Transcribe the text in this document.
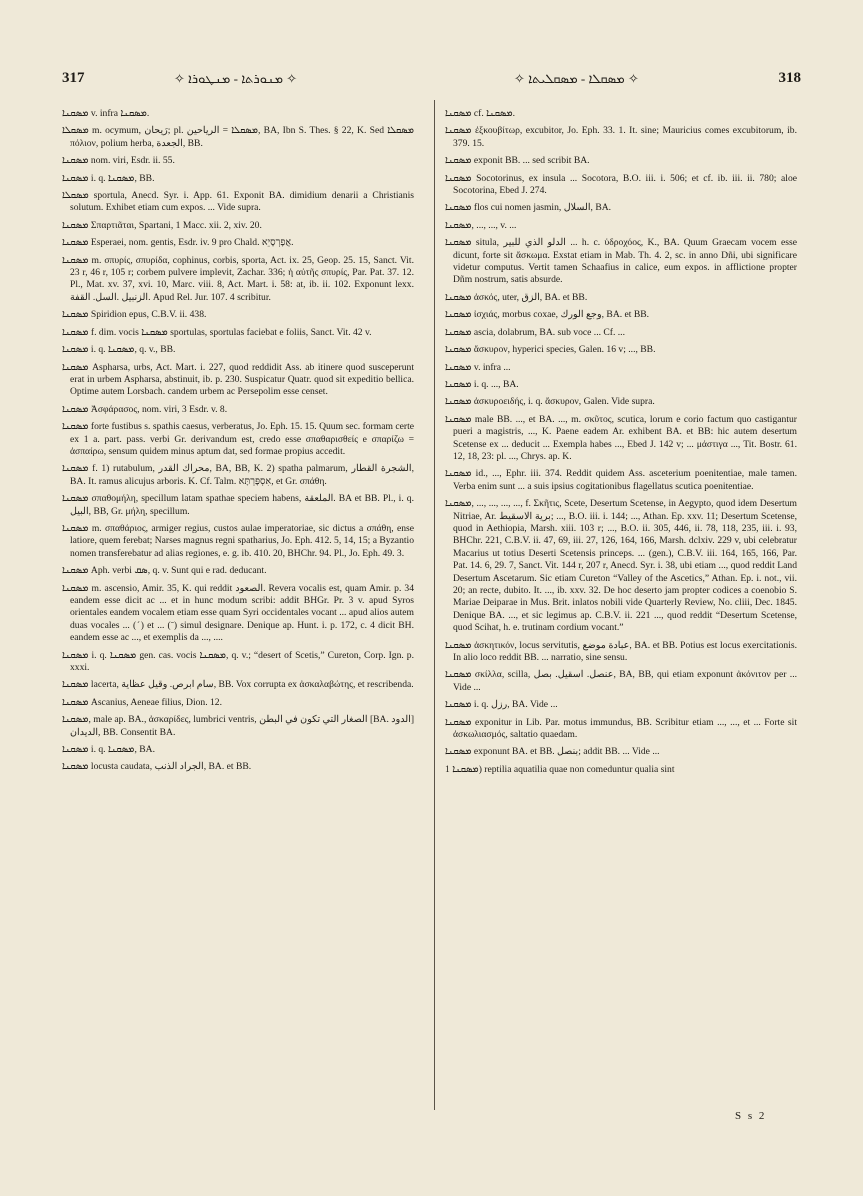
317	✧ ܡܢܘܪܬܐ - ܡܢܛܘܪܐ ✧	✧ ܡܣܩܠܐ - ܡܣܩܠܝܬܐ ✧	318

ܡܣܩܢܐ v. infra ܡܣܩܢܐ.

ܡܣܩܠܐ m. ocymum, رَيحان; pl. ܡܣܩܠܐ = الرياحين, BA, Ibn S. Thes. § 22, K. Sed ܡܣܩܠܐ πόλιον, polium herba, الجعدة, BB.

ܡܣܩܢܐ nom. viri, Esdr. ii. 55.

ܡܣܩܢܐ i. q. ܡܣܩܢܐ, BB.

ܡܣܩܠܐ sportula, Anecd. Syr. i. App. 61. Exponit BA. dimidium denarii a Christianis solutum. Exhibet etiam cum expos. ... Vide supra.

ܡܣܩܢܐ Σπαρτιᾶται, Spartani, 1 Macc. xii. 2, xiv. 20.

ܡܣܩܢܐ Esperaei, nom. gentis, Esdr. iv. 9 pro Chald. אֲפָרְסָיֵא.

ܡܣܩܢܐ m. σπυρίς, σπυρίδα, cophinus, corbis, sporta, Act. ix. 25, Geop. 25. 15, Sanct. Vit. 23 r, 46 r, 105 r; corbem pulvere implevit, Zachar. 336; ἡ αὐτῆς σπυρίς, Par. Pat. 37. 12. Pl., Mat. xv. 37, xvi. 10, Marc. viii. 8, Act. Mart. i. 58: at, ib. ii. 102. Exponunt lexx. الزنبيل .السل. القفة. Apud Rel. Jur. 107. 4 scribitur.

ܡܣܩܢܐ Spiridion epus, C.B.V. ii. 438.

ܡܣܩܢܐ f. dim. vocis ܡܣܩܢܐ sportulas, sportulas faciebat e foliis, Sanct. Vit. 42 v.

ܡܣܩܢܐ i. q. ܡܣܩܢܐ, q. v., BB.

ܡܣܩܢܐ Aspharsa, urbs, Act. Mart. i. 227, quod reddidit Ass. ab itinere quod susceperunt erat in urbem Aspharsa, abstinuit, ib. p. 230. Suspicatur Quatr. quod sit expeditio bellica. Optime autem Lorsbach. candem urbem ac Persepolim esse censet.

ܡܣܩܢܐ Ἀσφάρασος, nom. viri, 3 Esdr. v. 8.

ܡܣܩܢܐ forte fustibus s. spathis caesus, verberatus, Jo. Eph. 15. 15. Quum sec. formam certe ex 1 a. part. pass. verbi Gr. derivandum est, credo esse σπαθαρισθείς e σπαρίζω = ἀσπαίρω, sensum quidem minus aptum dat, sed formae propius accedit.

ܡܣܩܢܐ f. 1) rutabulum, محراك القدر, BA, BB, K. 2) spatha palmarum, الشجرة القطار, BA. It. ramus alicujus arboris. K. Cf. Talm. אִסְפָּרְתָּא, et Gr. σπάθη.

ܡܣܩܢܐ σπαθομήλη, specillum latam spathae speciem habens, الملعقة. BA et BB. Pl., i. q. البيل, BB, Gr. μήλη, specillum.

ܡܣܩܢܐ m. σπαθάριος, armiger regius, custos aulae imperatoriae, sic dictus a σπάθη, ense latiore, quem ferebat; Narses magnus regni spatharius, Jo. Eph. 412. 5, 14, 15; a Byzantio nomen transferebatur ad alias regiones, e. g. ib. 410. 20, BHChr. 94. Pl., Jo. Eph. 49. 3.

ܡܣܩܢܐ Aph. verbi ܣܩ, q. v. Sunt qui e rad. deducant.

ܡܣܩܢܐ m. ascensio, Amir. 35, K. qui reddit الصعود. Revera vocalis est, quam Amir. p. 34 eandem esse dicit ac ... et in hunc modum scribi: addit BHGr. Pr. 3 v. apud Syros orientales eandem vocalem etiam esse quam Syri occidentales vocant ... apud alios autem duas vocales ... (ˊ) et ... (ˉ) simul designare. Denique ap. Hunt. i. p. 172, c. 4 dicit BH. eandem esse ac ..., et exemplis da ..., ....

ܡܣܩܢܐ i. q. ܡܣܩܢܐ gen. cas. vocis ܡܣܩܢܐ, q. v.; “desert of Scetis,” Cureton, Corp. Ign. p. xxxi.

ܡܣܩܢܐ lacerta, سام ابرص. وقيل عظاية, BB. Vox corrupta ex ἀσκαλαβώτης, et rescribenda.

ܡܣܩܢܐ Ascanius, Aeneae filius, Dion. 12.

ܡܣܩܢܐ, male ap. BA., ἀσκαρίδες, lumbrici ventris, الصغار التي تكون في البطن [BA. الدود] الديدان, BB. Consentit BA.

ܡܣܩܢܐ i. q. ܡܣܩܢܐ, BA.

ܡܣܩܢܐ locusta caudata, الجراد الذنب, BA. et BB.

ܡܣܩܢܐ cf. ܡܣܩܢܐ.

ܡܣܩܢܐ ἐξκουβίτωρ, excubitor, Jo. Eph. 33. 1. It. sine; Mauricius comes excubitorum, ib. 379. 15.

ܡܣܩܢܐ exponit BB. ... sed scribit BA.

ܡܣܩܢܐ Socotorinus, ex insula ... Socotora, B.O. iii. i. 506; et cf. ib. iii. ii. 780; aloe Socotorina, Ebed J. 274.

ܡܣܩܢܐ flos cui nomen jasmin, السلال, BA.

ܡܣܩܢܐ, ..., ..., v. ...

ܡܣܩܢܐ situla, الدلو الذي للبير ... h. c. ὑδροχόος, K., BA. Quum Graecam vocem esse dicunt, forte sit ἄσκωμα. Exstat etiam in Mab. Th. 4. 2, sc. in anno Dñi, ubi significare videtur computus. Vertit tamen Schaafius in calice, eum expos. in afflictione propter Dñm nostrum, satis absurde.

ܡܣܩܢܐ ἀσκός, uter, الزق, BA. et BB.

ܡܣܩܢܐ ἰσχιάς, morbus coxae, وجع الورك, BA. et BB.

ܡܣܩܢܐ ascia, dolabrum, BA. sub voce ... Cf. ...

ܡܣܩܢܐ ἄσκυρον, hyperici species, Galen. 16 v; ..., BB.

ܡܣܩܢܐ v. infra ...

ܡܣܩܢܐ i. q. ..., BA.

ܡܣܩܢܐ ἀσκυροειδής, i. q. ἄσκυρον, Galen. Vide supra.

ܡܣܩܢܐ male BB. ..., et BA. ..., m. σκῦτος, scutica, lorum e corio factum quo castigantur pueri a magistris, ..., K. Paene eadem Ar. exhibent BA. et BB: hic autem desertum Scetense ex ... deducit ... Exempla habes ..., Ebed J. 142 v; ... μάστιγα ..., Tit. Bostr. 61. 12, 18, 23: pl. ..., Chrys. ap. K.

ܡܣܩܢܐ id., ..., Ephr. iii. 374. Reddit quidem Ass. asceterium poenitentiae, male tamen. Verba enim sunt ... a suis ipsius cogitationibus flagellatus scutica poenitentiae.

ܡܣܩܢܐ, ..., ..., ..., ..., f. Σκῆτις, Scete, Desertum Scetense, in Aegypto, quod idem Desertum Nitriae, Ar. برية الاسقيط; ..., B.O. iii. i. 144; ..., Athan. Ep. xxv. 11; Desertum Scetense, quod in Aethiopia, Marsh. xiii. 103 r; ..., B.O. ii. 305, 446, ii. 78, 118, 235, iii. i. 93, BHChr. 221, C.B.V. ii. 47, 69, iii. 27, 126, 164, 166, Marsh. dclxiv. 229 v, ubi celebratur Macarius ut totius Deserti Scetensis princeps. ... (gen.), C.B.V. iii. 164, 165, 166, Par. Pat. 14. 6, 29. 7, Sanct. Vit. 144 r, 207 r, Anecd. Syr. i. 38, ubi etiam ..., quod reddit Land Desertum Ascetarum. Sic etiam Cureton “Valley of the Ascetics,” Athan. Ep. i. not., vii. 20; an recte, dubito. It. ..., ib. xxv. 32. De hoc deserto jam propter codices a coenobio S. Mariae Deiparae in Mus. Brit. inlatos nobili vide Quarterly Review, No. cliii, Dec. 1845. Denique BA. ..., et sic legimus ap. C.B.V. ii. 221 ..., quod reddit “Desertum Scetense, quod Scihat, h. e. trutinam cordium vocant.”

ܡܣܩܢܐ ἀσκητικόν, locus servitutis, عبادة موضع, BA. et BB. Potius est locus exercitationis. In alio loco reddit BB. ... narratio, sine sensu.

ܡܣܩܢܐ σκίλλα, scilla, عنصل. اسقيل. بصل, BA, BB, qui etiam exponunt ἀκόνιτον per ... Vide ...

ܡܣܩܢܐ i. q. رزل, BA. Vide ...

ܡܣܩܢܐ exponitur in Lib. Par. motus immundus, BB. Scribitur etiam ..., ..., et ... Forte sit ἀσκωλιασμός, saltatio quaedam.

ܡܣܩܢܐ exponunt BA. et BB. بنصل; addit BB. ... Vide ...

ܡܣܩܢܐ 1) reptilia aquatilia quae non comeduntur qualia sint

S s 2
